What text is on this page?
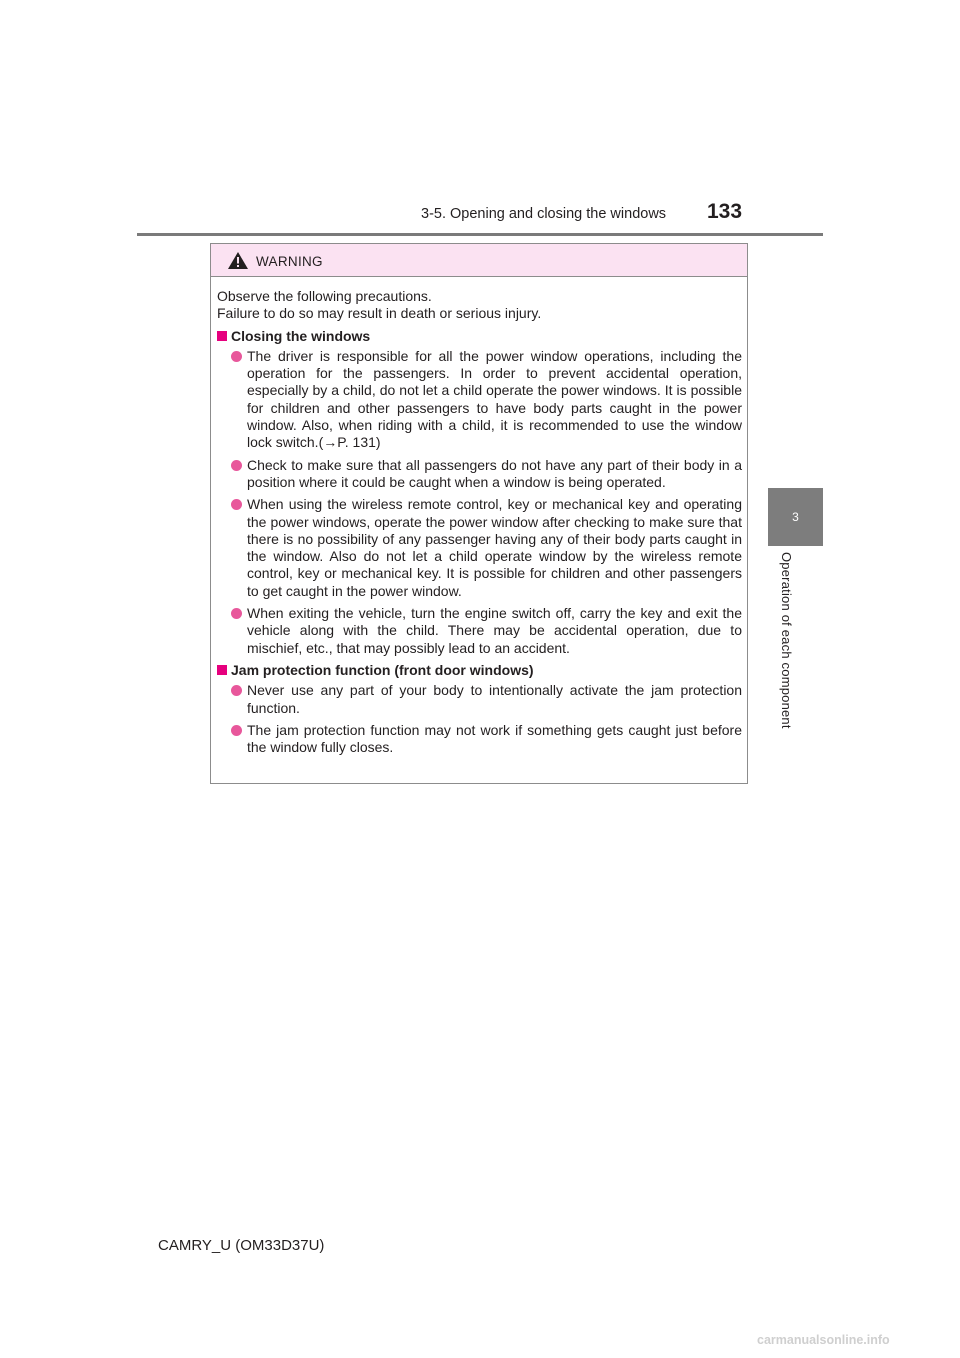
3-5. Opening and closing the windows 133
3
Operation of each component
WARNING
Observe the following precautions.
Failure to do so may result in death or serious injury.
Closing the windows
The driver is responsible for all the power window operations, including the operation for the passengers. In order to prevent accidental operation, especially by a child, do not let a child operate the power windows. It is possible for children and other passengers to have body parts caught in the power window. Also, when riding with a child, it is recommended to use the window lock switch.(→P. 131)
Check to make sure that all passengers do not have any part of their body in a position where it could be caught when a window is being operated.
When using the wireless remote control, key or mechanical key and operating the power windows, operate the power window after checking to make sure that there is no possibility of any passenger having any of their body parts caught in the window. Also do not let a child operate window by the wireless remote control, key or mechanical key. It is possible for children and other passengers to get caught in the power window.
When exiting the vehicle, turn the engine switch off, carry the key and exit the vehicle along with the child. There may be accidental operation, due to mischief, etc., that may possibly lead to an accident.
Jam protection function (front door windows)
Never use any part of your body to intentionally activate the jam protection function.
The jam protection function may not work if something gets caught just before the window fully closes.
CAMRY_U (OM33D37U)
carmanualsonline.info
